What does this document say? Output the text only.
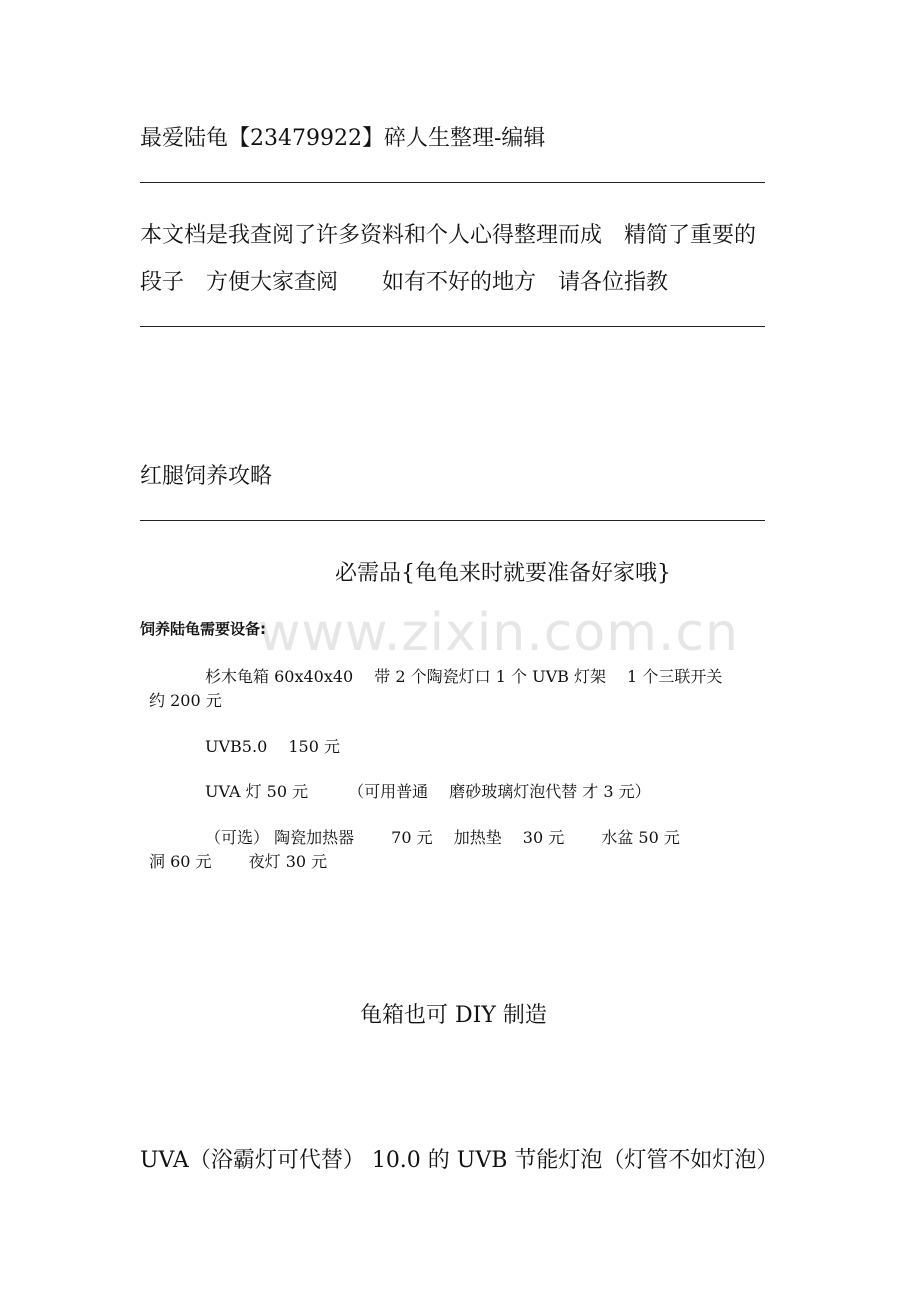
最爱陆龟【23479922】碎人生整理-编辑
本文档是我查阅了许多资料和个人心得整理而成　精简了重要的
段子　方便大家查阅　　如有不好的地方　请各位指教
红腿饲养攻略
必需品{龟龟来时就要准备好家哦}
www.zixin.com.cn
饲养陆龟需要设备:
杉木龟箱 60x40x40　 带 2 个陶瓷灯口 1 个 UVB 灯架　 1 个三联开关
约 200 元
UVB5.0　 150 元
UVA 灯 50 元　　　（可用普通　 磨砂玻璃灯泡代替 才 3 元）
（可选） 陶瓷加热器　　 70 元　 加热垫　 30 元　　 水盆 50 元
洞 60 元　　 夜灯 30 元
龟箱也可 DIY 制造
UVA（浴霸灯可代替） 10.0 的 UVB 节能灯泡（灯管不如灯泡）
